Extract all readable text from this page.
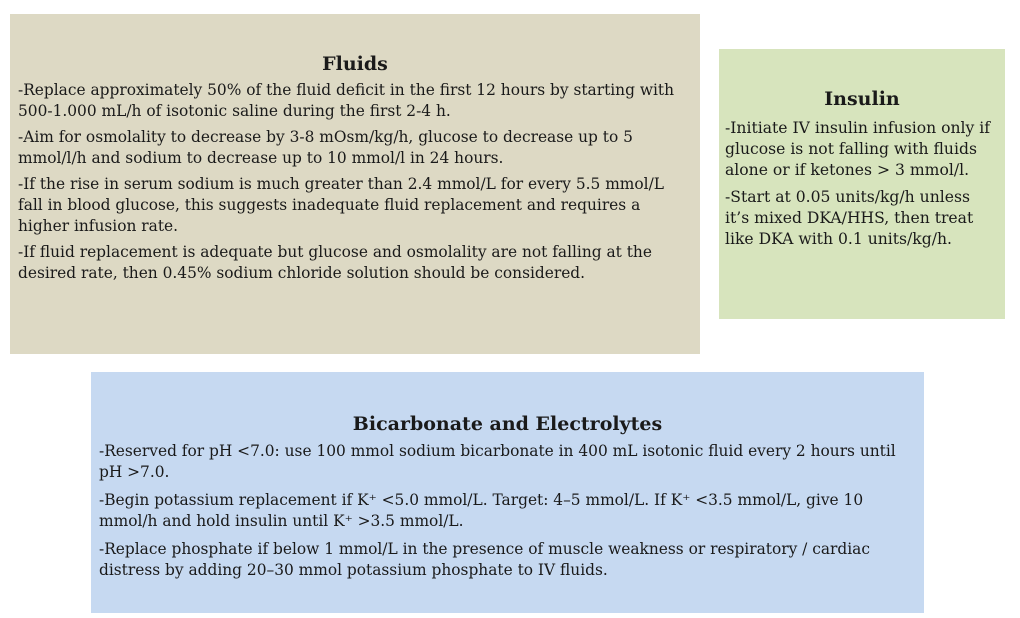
Fluids

-Replace approximately 50% of the fluid deficit in the first 12 hours by starting with 500-1.000 mL/h of isotonic saline during the first 2-4 h.

-Aim for osmolality to decrease by 3-8 mOsm/kg/h, glucose to decrease up to 5 mmol/l/h and sodium to decrease up to 10 mmol/l in 24 hours.

-If the rise in serum sodium is much greater than 2.4 mmol/L for every 5.5 mmol/L fall in blood glucose, this suggests inadequate fluid replacement and requires a higher infusion rate.

-If fluid replacement is adequate but glucose and osmolality are not falling at the desired rate, then 0.45% sodium chloride solution should be considered.

Insulin

-Initiate IV insulin infusion only if glucose is not falling with fluids alone or if ketones > 3 mmol/l.

-Start at 0.05 units/kg/h unless it’s mixed DKA/HHS, then treat like DKA with 0.1 units/kg/h.

Bicarbonate and Electrolytes

-Reserved for pH <7.0: use 100 mmol sodium bicarbonate in 400 mL isotonic fluid every 2 hours until pH >7.0.

-Begin potassium replacement if K⁺ <5.0 mmol/L. Target: 4–5 mmol/L. If K⁺ <3.5 mmol/L, give 10 mmol/h and hold insulin until K⁺ >3.5 mmol/L.

-Replace phosphate if below 1 mmol/L in the presence of muscle weakness or respiratory / cardiac distress by adding 20–30 mmol potassium phosphate to IV fluids.
